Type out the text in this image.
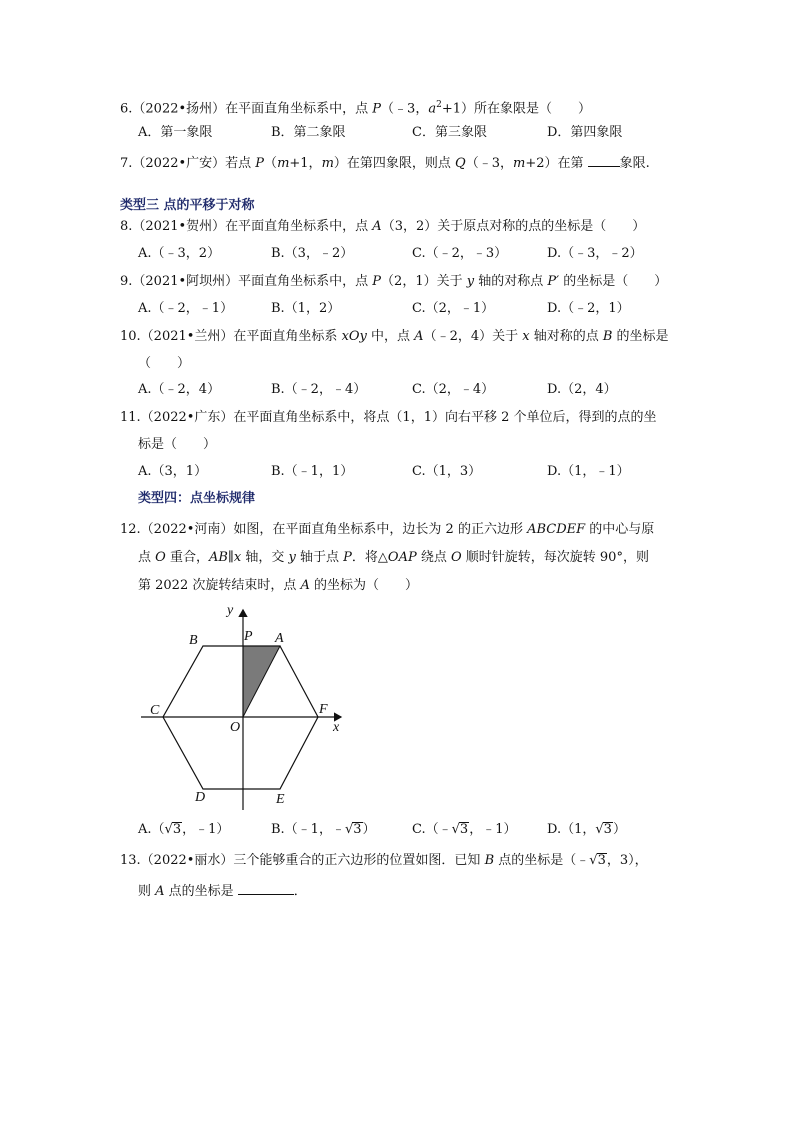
6.（2022•扬州）在平面直角坐标系中，点 P（﹣3，$a^2+1$）所在象限是（　　）
A．第一象限	B．第二象限	C．第三象限	D．第四象限
7.（2022•广安）若点 P（m+1，m）在第四象限，则点 Q（﹣3，m+2）在第 象限.
类型三 点的平移于对称
8.（2021•贺州）在平面直角坐标系中，点 A（3，2）关于原点对称的点的坐标是（　　）
A.（﹣3，2）	B.（3，﹣2）	C.（﹣2，﹣3）	D.（﹣3，﹣2）
9.（2021•阿坝州）平面直角坐标系中，点 P（2，1）关于 y 轴的对称点 P′ 的坐标是（　　）
A.（﹣2，﹣1）	B.（1，2）	C.（2，﹣1）	D.（﹣2，1）
10.（2021•兰州）在平面直角坐标系 xOy 中，点 A（﹣2，4）关于 x 轴对称的点 B 的坐标是
（　　）
A.（﹣2，4）	B.（﹣2，﹣4）	C.（2，﹣4）	D.（2，4）
11.（2022•广东）在平面直角坐标系中，将点（1，1）向右平移 2 个单位后，得到的点的坐
标是（　　）
A.（3，1）	B.（﹣1，1）	C.（1，3）	D.（1，﹣1）
类型四：点坐标规律
12.（2022•河南）如图，在平面直角坐标系中，边长为 2 的正六边形 ABCDEF 的中心与原
点 O 重合，AB∥x 轴，交 y 轴于点 P．将△OAP 绕点 O 顺时针旋转，每次旋转 90°，则
第 2022 次旋转结束时，点 A 的坐标为（　　）
y
x
O
P A
B
C	F
D	E
A.（√3，﹣1）	B.（﹣1，﹣√3）	C.（﹣√3，﹣1） D.（1，√3）
13.（2022•丽水）三个能够重合的正六边形的位置如图．已知 B 点的坐标是（﹣√3，3），
则 A 点的坐标是	．
